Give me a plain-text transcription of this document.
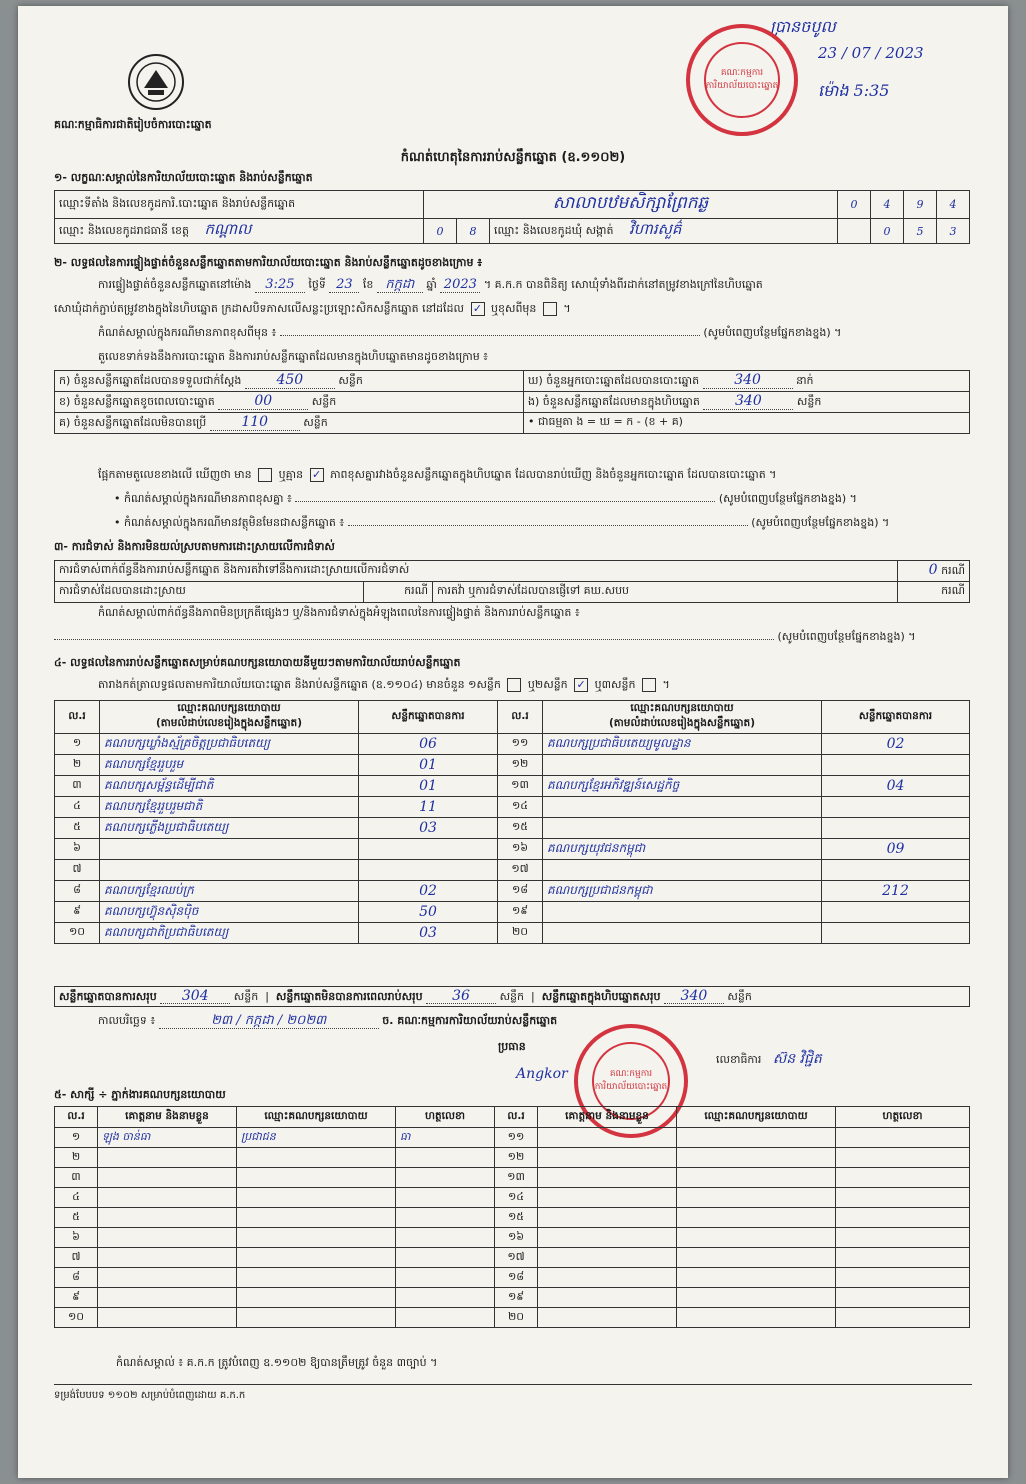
គណៈកម្មាធិការជាតិរៀបចំការបោះឆ្នោត
ប្រានចបូល
23 / 07 / 2023
ម៉ោង 5:35
គណៈកម្មការការិយាល័យបោះឆ្នោត
កំណត់ហេតុនៃការរាប់សន្លឹកឆ្នោត (ឧ.១១០២)
១- លក្ខណៈសម្គាល់នៃការិយាល័យបោះឆ្នោត និងរាប់សន្លឹកឆ្នោត
ឈ្មោះទីតាំង និងលេខកូដការិ.បោះឆ្នោត និងរាប់សន្លឹកឆ្នោត	សាលាបឋមសិក្សាព្រែកឆ្ង			0	4	9	4
ឈ្មោះ និងលេខកូដរាជធានី ខេត្ត កណ្ដាល	0	8	ឈ្មោះ និងលេខកូដឃុំ សង្កាត់ វិហារសួគ៌		0	5	3
២- លទ្ធផលនៃការផ្ទៀងផ្ទាត់ចំនួនសន្លឹកឆ្នោតតាមការិយាល័យបោះឆ្នោត និងរាប់សន្លឹកឆ្នោតដូចខាងក្រោម ៖
ការផ្ទៀងផ្ទាត់ចំនួនសន្លឹកឆ្នោតនៅម៉ោង 3:25 ថ្ងៃទី 23 ខែ កក្កដា ឆ្នាំ 2023 ។ គ.ក.ក បានពិនិត្យ សោឃុំទាំងពីរដាក់នៅតម្រូវខាងក្រៅនៃហិបឆ្នោត
សោឃុំដាក់ភ្ជាប់តម្រូវខាងក្នុងនៃហិបឆ្នោត ក្រដាសបិទភាសលើសន្លះប្រឡោះសិកសន្លឹកឆ្នោត នៅដដែល ✓ ឬខុសពីមុន  ។
កំណត់សម្គាល់ក្នុងករណីមានភាពខុសពីមុន ៖	(សូមបំពេញបន្ថែមផ្នែកខាងខ្នង) ។
តួលេខទាក់ទងនឹងការបោះឆ្នោត និងការរាប់សន្លឹកឆ្នោតដែលមានក្នុងហិបឆ្នោតមានដូចខាងក្រោម ៖
ក) ចំនួនសន្លឹកឆ្នោតដែលបានទទួលជាក់ស្ដែង 450 សន្លឹក	ឃ) ចំនួនអ្នកបោះឆ្នោតដែលបានបោះឆ្នោត 340 នាក់
ខ) ចំនួនសន្លឹកឆ្នោតខូចពេលបោះឆ្នោត 00 សន្លឹក	ង) ចំនួនសន្លឹកឆ្នោតដែលមានក្នុងហិបឆ្នោត 340 សន្លឹក
គ) ចំនួនសន្លឹកឆ្នោតដែលមិនបានប្រើ 110 សន្លឹក	• ជាធម្មតា ង = ឃ = ក - (ខ + គ)
ផ្អែកតាមតួលេខខាងលើ ឃើញថា មាន ឬគ្មាន ✓ ភាពខុសគ្នារវាងចំនួនសន្លឹកឆ្នោតក្នុងហិបឆ្នោត ដែលបានរាប់ឃើញ និងចំនួនអ្នកបោះឆ្នោត ដែលបានបោះឆ្នោត ។
• កំណត់សម្គាល់ក្នុងករណីមានភាពខុសគ្នា ៖	(សូមបំពេញបន្ថែមផ្នែកខាងខ្នង) ។
• កំណត់សម្គាល់ក្នុងករណីមានវត្ថុមិនមែនជាសន្លឹកឆ្នោត ៖	(សូមបំពេញបន្ថែមផ្នែកខាងខ្នង) ។
៣- ការជំទាស់ និងការមិនយល់ស្របតាមការដោះស្រាយលើការជំទាស់
ការជំទាស់ពាក់ព័ន្ធនឹងការរាប់សន្លឹកឆ្នោត និងការតវ៉ាទៅនឹងការដោះស្រាយលើការជំទាស់			0 ករណី
ការជំទាស់ដែលបានដោះស្រាយ	ករណី	ការតវ៉ា ឬការជំទាស់ដែលបានផ្ញើទៅ គឃ.សបប	ករណី
កំណត់សម្គាល់ពាក់ព័ន្ធនឹងភាពមិនប្រក្រតីផ្សេងៗ ឬ/និងការជំទាស់ក្នុងអំឡុងពេលនៃការផ្ទៀងផ្ទាត់ និងការរាប់សន្លឹកឆ្នោត ៖
(សូមបំពេញបន្ថែមផ្នែកខាងខ្នង) ។
៤- លទ្ធផលនៃការរាប់សន្លឹកឆ្នោតសម្រាប់គណបក្សនយោបាយនីមួយៗតាមការិយាល័យរាប់សន្លឹកឆ្នោត
តារាងកត់ត្រាលទ្ធផលតាមការិយាល័យបោះឆ្នោត និងរាប់សន្លឹកឆ្នោត (ឧ.១១០៤) មានចំនួន ១សន្លឹក ឬ២សន្លឹក ✓ ឬ៣សន្លឹក  ។
ល.រ	ឈ្មោះគណបក្សនយោបាយ
(តាមលំដាប់លេខរៀងក្នុងសន្លឹកឆ្នោត)	សន្លឹកឆ្នោតបានការ	ល.រ	ឈ្មោះគណបក្សនយោបាយ
(តាមលំដាប់លេខរៀងក្នុងសន្លឹកឆ្នោត)	សន្លឹកឆ្នោតបានការ
១	គណបក្សឃ្លាំងស្ម័គ្រចិត្តប្រជាធិបតេយ្យ	06	១១	គណបក្សប្រជាធិបតេយ្យមូលដ្ឋាន	02
២	គណបក្សខ្មែររួបរួម	01	១២		
៣	គណបក្សសម្ព័ន្ធដើម្បីជាតិ	01	១៣	គណបក្សខ្មែរអភិវឌ្ឍន៍សេដ្ឋកិច្ច	04
៤	គណបក្សខ្មែររួបរួមជាតិ	11	១៤		
៥	គណបក្សភ្លើងប្រជាធិបតេយ្យ	03	១៥		
៦			១៦	គណបក្សយុវជនកម្ពុជា	09
៧			១៧		
៨	គណបក្សខ្មែរឈប់ក្រ	02	១៨	គណបក្សប្រជាជនកម្ពុជា	212
៩	គណបក្សហ៊្វុនស៊ិនប៉ិច	50	១៩		
១០	គណបក្សជាតិប្រជាធិបតេយ្យ	03	២០		
សន្លឹកឆ្នោតបានការសរុប 304 សន្លឹក  |  សន្លឹកឆ្នោតមិនបានការពេលរាប់សរុប 36	សន្លឹក  |  សន្លឹកឆ្នោតក្នុងហិបឆ្នោតសរុប 340 សន្លឹក
កាលបរិច្ឆេទ ៖	២៣ / កក្កដា / ២០២៣	ច. គណៈកម្មការការិយាល័យរាប់សន្លឹកឆ្នោត
ប្រធាន
Angkor	គណៈកម្មការការិយាល័យបោះឆ្នោត
លេខាធិការ ស៊ន វិជ្ជិត
៥- សាក្សី ÷ ភ្នាក់ងារគណបក្សនយោបាយ
ល.រ	គោត្តនាម និងនាមខ្លួន	ឈ្មោះគណបក្សនយោបាយ	ហត្ថលេខា	ល.រ	គោត្តនាម និងនាមខ្លួន	ឈ្មោះគណបក្សនយោបាយ	ហត្ថលេខា
១	ឡុង ចាន់ធា	ប្រជាជន	ធា	១១			
២				១២			
៣				១៣			
៤				១៤			
៥				១៥			
៦				១៦			
៧				១៧			
៨				១៨			
៩				១៩			
១០				២០			
កំណត់សម្គាល់ ៖ គ.ក.ក ត្រូវបំពេញ ឧ.១១០២ ឱ្យបានត្រឹមត្រូវ ចំនួន ៣ច្បាប់ ។
ទម្រង់បែបបទ ១១០២ សម្រាប់បំពេញដោយ គ.ក.ក
